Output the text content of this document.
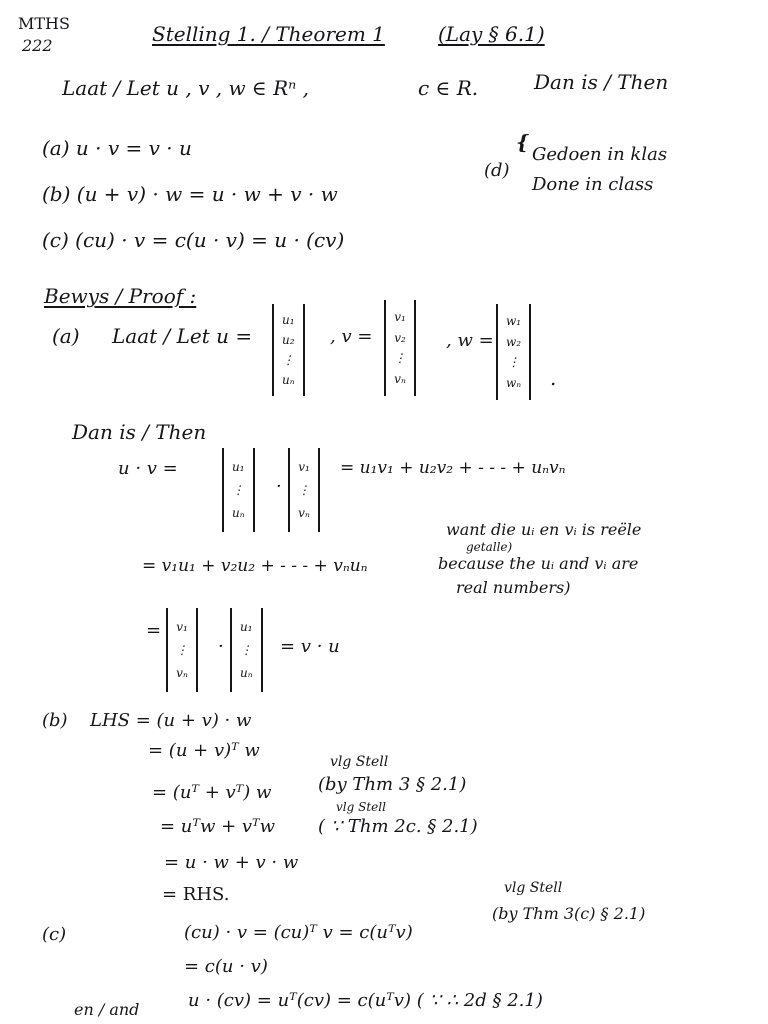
MTHS
222	Stelling 1. / Theorem 1	(Lay § 6.1)
Laat / Let u , v , w ∈ Rⁿ ,	c ∈ R.	Dan is / Then
(a) u · v = v · u
(b) (u + v) · w = u · w + v · w
(c) (cu) · v = c(u · v) = u · (cv)
(d)
{
Gedoen in klas
Done in class
Bewys / Proof :
(a) Laat / Let u =
u₁
u₂
⋮
uₙ
, v =
v₁
v₂
⋮
vₙ
, w =
w₁
w₂
⋮
wₙ .
Dan is / Then
u · v =	u₁
⋮
uₙ
·
v₁
⋮
vₙ
= u₁v₁ + u₂v₂ + - - - + uₙvₙ
want die uᵢ en vᵢ is reële
getalle)
because the uᵢ and vᵢ are
real numbers)
= v₁u₁ + v₂u₂ + - - - + vₙuₙ
= v₁
⋮
vₙ
·
u₁
⋮
uₙ
= v · u
(b) LHS = (u + v) · w
= (u + v)ᵀ w
vlg Stell
= (uᵀ + vᵀ) w	(by Thm 3 § 2.1)
vlg Stell
= uᵀw + vᵀw ( ∵ Thm 2c. § 2.1)
= u · w + v · w
= RHS.	vlg Stell
(c)	(cu) · v = (cu)ᵀ v = c(uᵀv)
(by Thm 3(c) § 2.1)
= c(u · v)
en / and	u · (cv) = uᵀ(cv) = c(uᵀv) ( ∵ ∴ 2d § 2.1)
